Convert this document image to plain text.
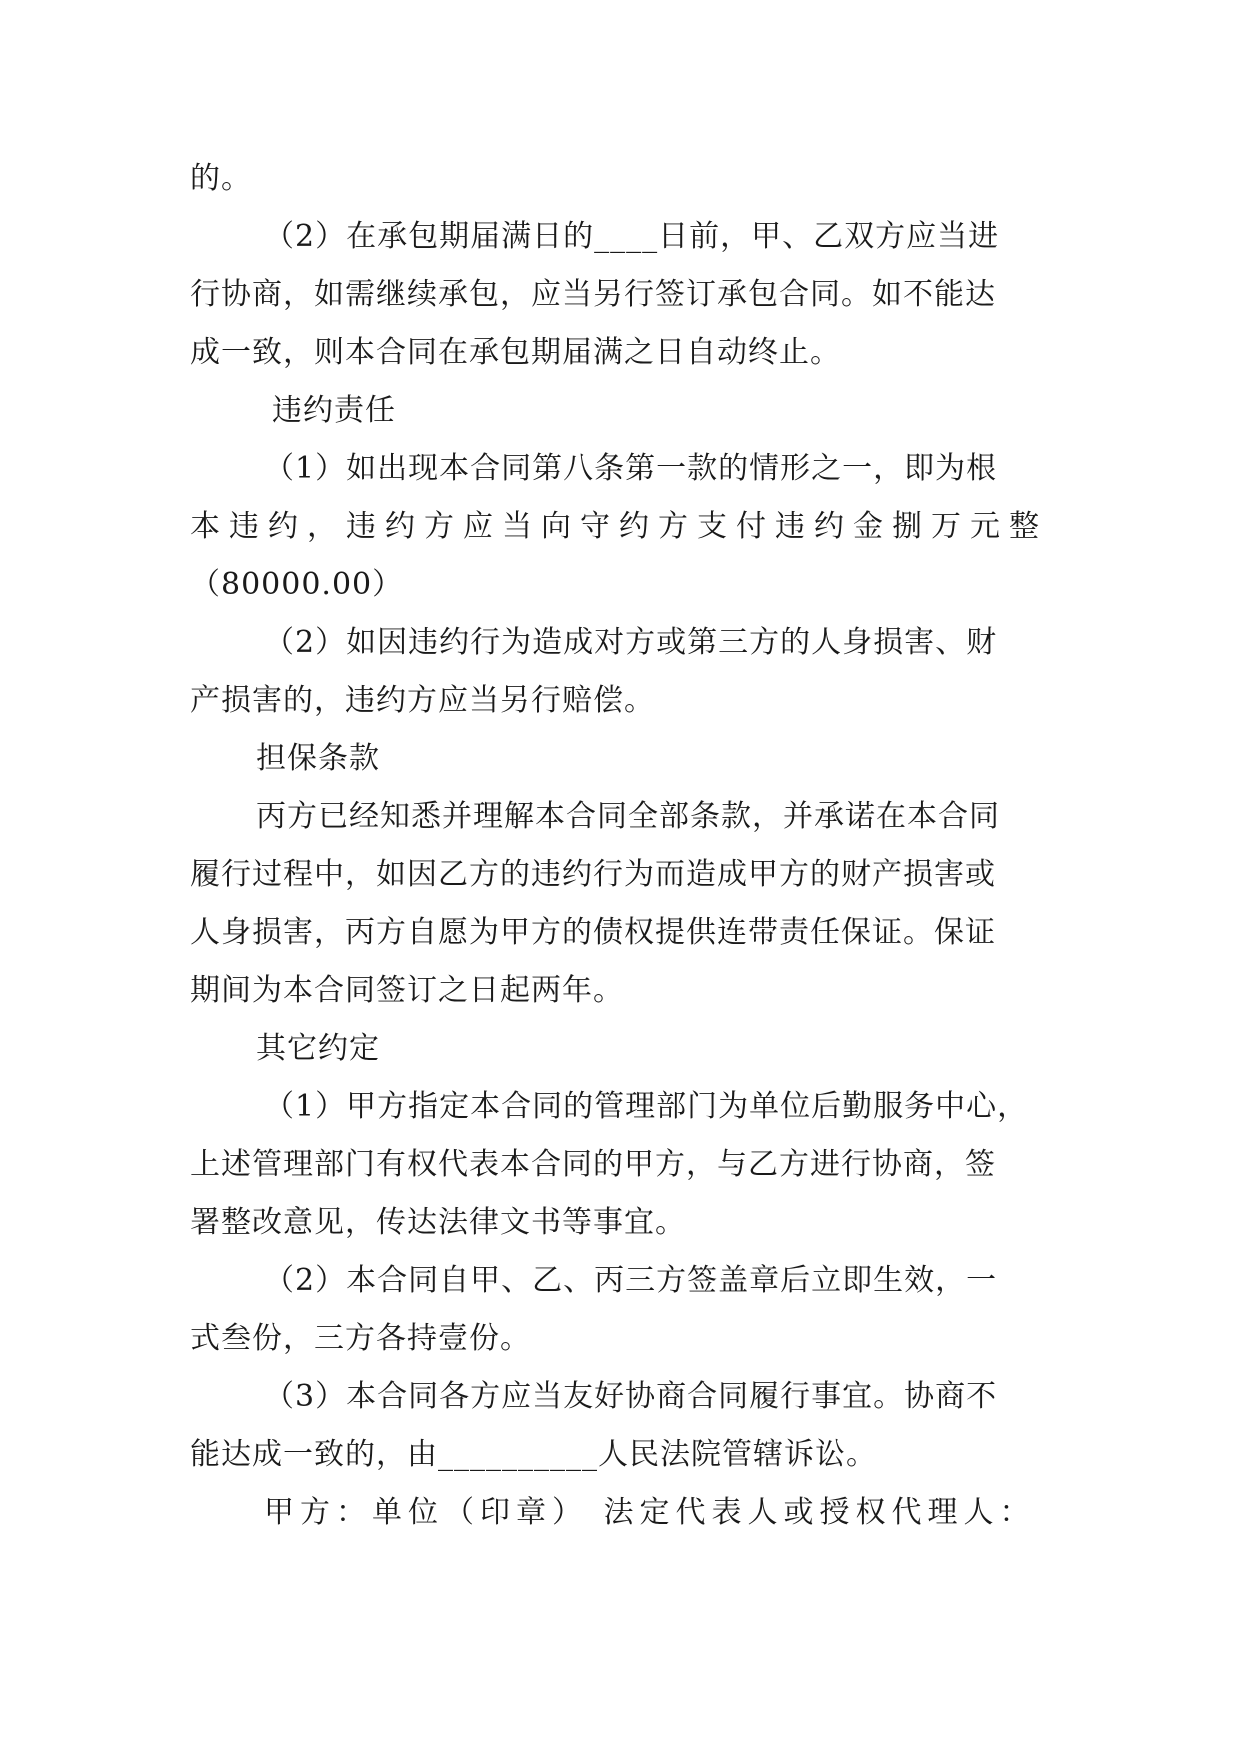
的。
（2）在承包期届满日的____日前，甲、乙双方应当进
行协商，如需继续承包，应当另行签订承包合同。如不能达
成一致，则本合同在承包期届满之日自动终止。
违约责任
（1）如出现本合同第八条第一款的情形之一，即为根
本违约，违约方应当向守约方支付违约金捌万元整
（80000.00）
（2）如因违约行为造成对方或第三方的人身损害、财
产损害的，违约方应当另行赔偿。
担保条款
丙方已经知悉并理解本合同全部条款，并承诺在本合同
履行过程中，如因乙方的违约行为而造成甲方的财产损害或
人身损害，丙方自愿为甲方的债权提供连带责任保证。保证
期间为本合同签订之日起两年。
其它约定
（1）甲方指定本合同的管理部门为单位后勤服务中心，
上述管理部门有权代表本合同的甲方，与乙方进行协商，签
署整改意见，传达法律文书等事宜。
（2）本合同自甲、乙、丙三方签盖章后立即生效，一
式叁份，三方各持壹份。
（3）本合同各方应当友好协商合同履行事宜。协商不
能达成一致的，由__________人民法院管辖诉讼。
甲方：单位（印章） 法定代表人或授权代理人：
